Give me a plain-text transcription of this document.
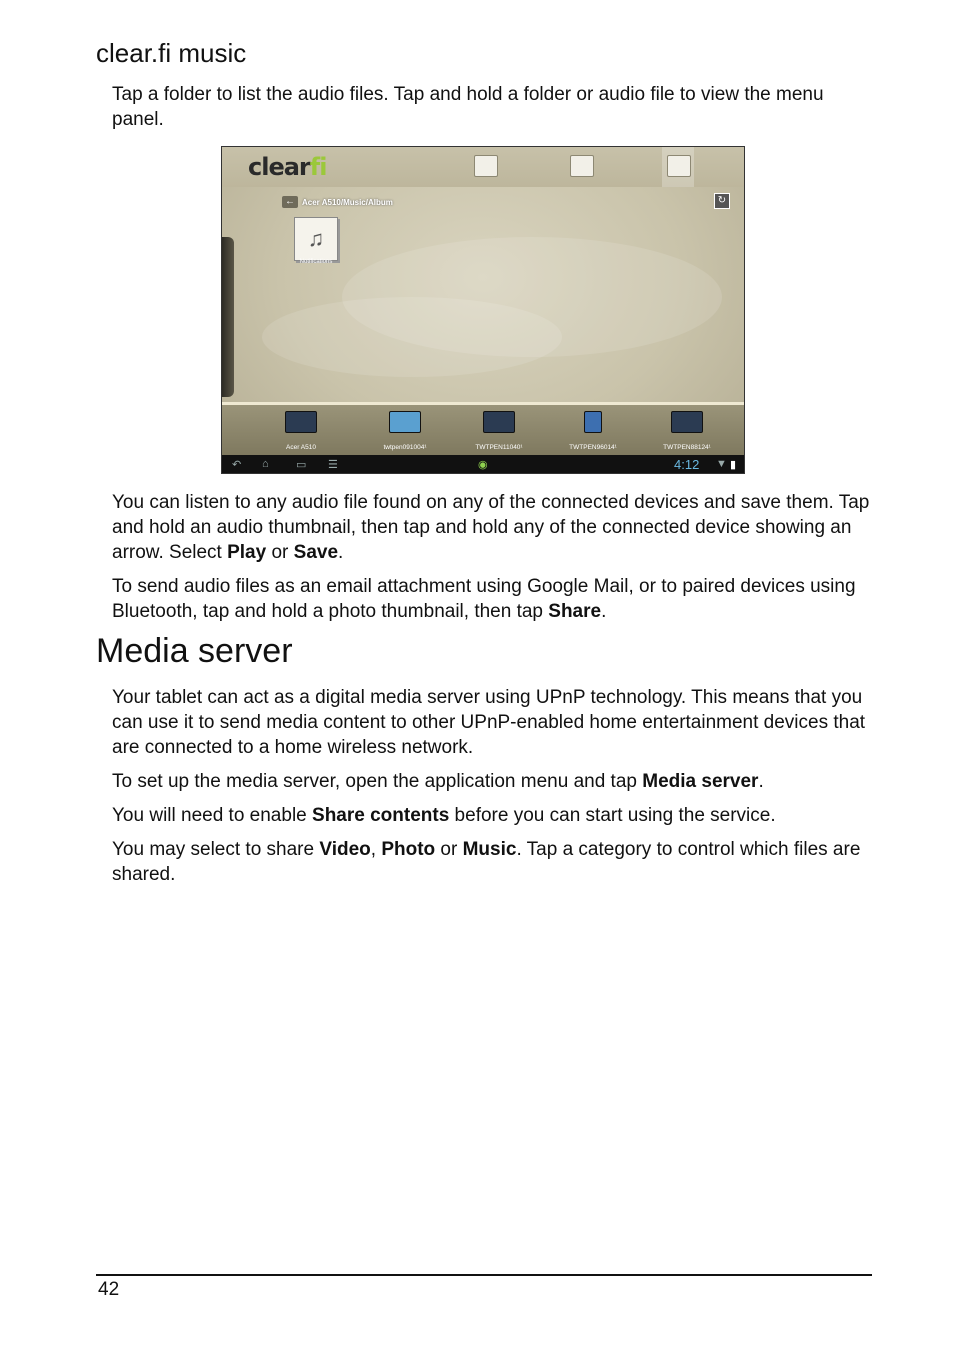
clear.fi music

Tap a folder to list the audio files. Tap and hold a folder or audio file to view the menu panel.

clearfi
← Acer A510/Music/Album	↻
♫
Notifications
Acer A510	twtpen091004¹	TWTPEN11040¹	TWTPEN96014¹	TWTPEN88124¹
↶ ⌂ ▭ ☰	◉	4:12 ▼ ▮

You can listen to any audio file found on any of the connected devices and save them. Tap and hold an audio thumbnail, then tap and hold any of the connected device showing an arrow. Select Play or Save.

To send audio files as an email attachment using Google Mail, or to paired devices using Bluetooth, tap and hold a photo thumbnail, then tap Share.

Media server

Your tablet can act as a digital media server using UPnP technology. This means that you can use it to send media content to other UPnP-enabled home entertainment devices that are connected to a home wireless network.

To set up the media server, open the application menu and tap Media server.

You will need to enable Share contents before you can start using the service.

You may select to share Video, Photo or Music. Tap a category to control which files are shared.

42
